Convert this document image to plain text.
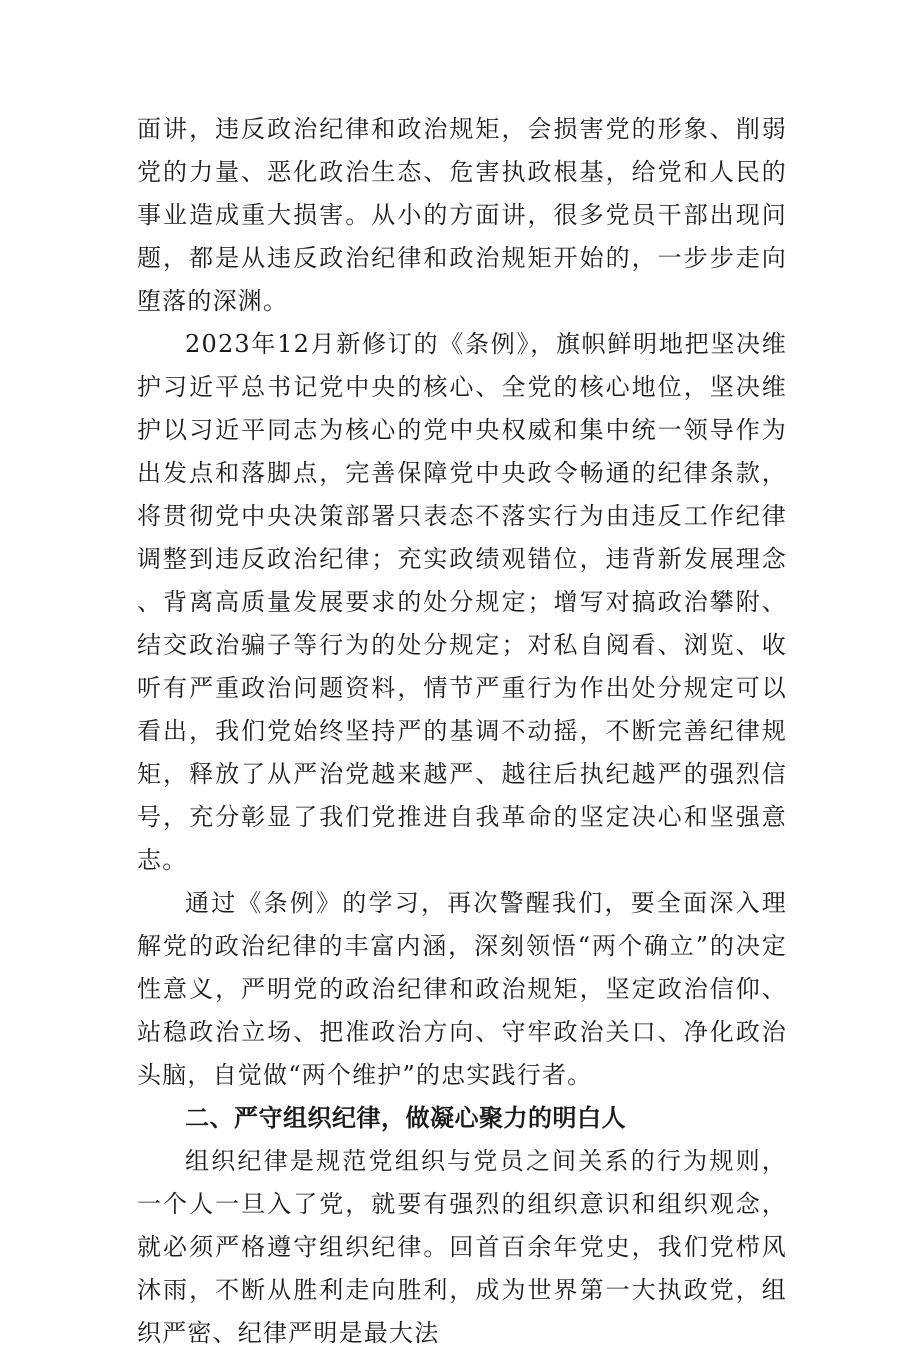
面讲，违反政治纪律和政治规矩，会损害党的形象、削弱党的力量、恶化政治生态、危害执政根基，给党和人民的事业造成重大损害。从小的方面讲，很多党员干部出现问题，都是从违反政治纪律和政治规矩开始的，一步步走向堕落的深渊。

2023年12月新修订的《条例》，旗帜鲜明地把坚决维护习近平总书记党中央的核心、全党的核心地位，坚决维护以习近平同志为核心的党中央权威和集中统一领导作为出发点和落脚点，完善保障党中央政令畅通的纪律条款，将贯彻党中央决策部署只表态不落实行为由违反工作纪律调整到违反政治纪律；充实政绩观错位，违背新发展理念、背离高质量发展要求的处分规定；增写对搞政治攀附、结交政治骗子等行为的处分规定；对私自阅看、浏览、收听有严重政治问题资料，情节严重行为作出处分规定可以看出，我们党始终坚持严的基调不动摇，不断完善纪律规矩，释放了从严治党越来越严、越往后执纪越严的强烈信号，充分彰显了我们党推进自我革命的坚定决心和坚强意志。

通过《条例》的学习，再次警醒我们，要全面深入理解党的政治纪律的丰富内涵，深刻领悟“两个确立”的决定性意义，严明党的政治纪律和政治规矩，坚定政治信仰、站稳政治立场、把准政治方向、守牢政治关口、净化政治头脑，自觉做“两个维护”的忠实践行者。

二、严守组织纪律，做凝心聚力的明白人

组织纪律是规范党组织与党员之间关系的行为规则，一个人一旦入了党，就要有强烈的组织意识和组织观念，就必须严格遵守组织纪律。回首百余年党史，我们党栉风沐雨，不断从胜利走向胜利，成为世界第一大执政党，组织严密、纪律严明是最大法
